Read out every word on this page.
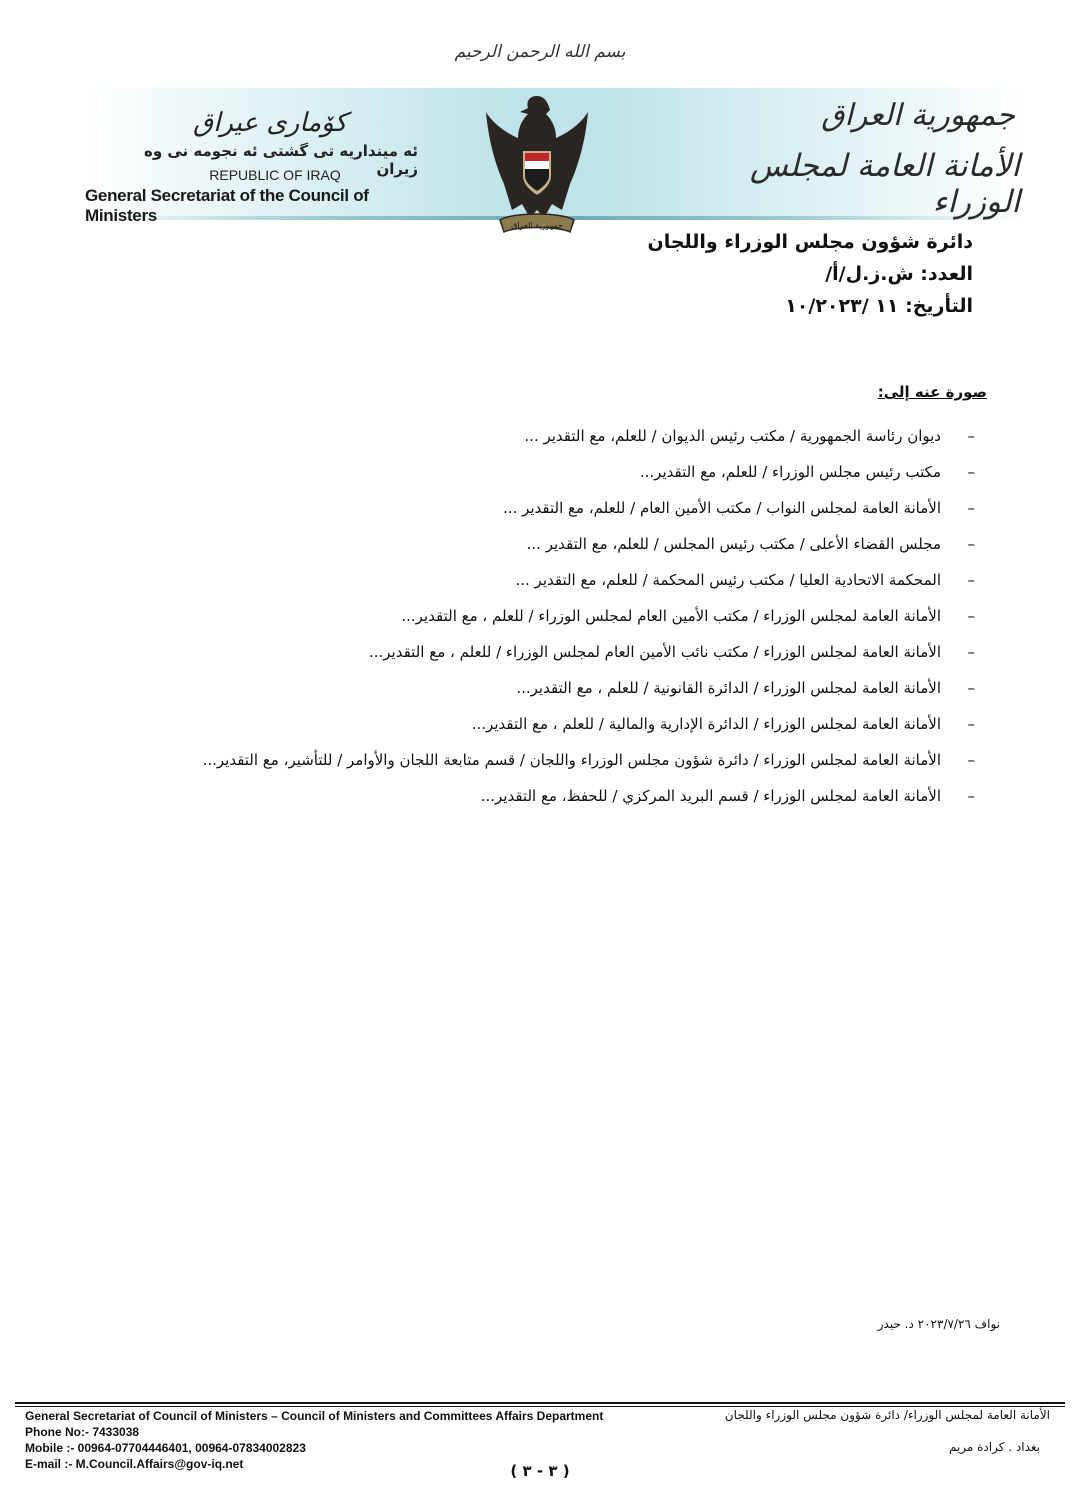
بسم الله الرحمن الرحيم
كۆماری عیراق
ئه مینداریه تی گشتی ئه نجومه نی وه زیران
REPUBLIC OF IRAQ
General Secretariat of the Council of Ministers
جمهورية العراق
الأمانة العامة لمجلس الوزراء
جمهورية العراق
دائرة شؤون مجلس الوزراء واللجان
العدد: ش.ز.ل/أ/
التأريخ: ١١ /١٠/٢٠٢٣
صورة عنه إلى:
–ديوان رئاسة الجمهورية / مكتب رئيس الديوان / للعلم، مع التقدير ...
–مكتب رئيس مجلس الوزراء / للعلم، مع التقدير...
–الأمانة العامة لمجلس النواب / مكتب الأمين العام / للعلم، مع التقدير ...
–مجلس القضاء الأعلى / مكتب رئيس المجلس / للعلم، مع التقدير ...
–المحكمة الاتحادية العليا / مكتب رئيس المحكمة / للعلم، مع التقدير ...
–الأمانة العامة لمجلس الوزراء / مكتب الأمين العام لمجلس الوزراء / للعلم ، مع التقدير...
–الأمانة العامة لمجلس الوزراء / مكتب نائب الأمين العام لمجلس الوزراء / للعلم ، مع التقدير...
–الأمانة العامة لمجلس الوزراء / الدائرة القانونية / للعلم ، مع التقدير...
–الأمانة العامة لمجلس الوزراء / الدائرة الإدارية والمالية / للعلم ، مع التقدير...
–الأمانة العامة لمجلس الوزراء / دائرة شؤون مجلس الوزراء واللجان / قسم متابعة اللجان والأوامر / للتأشير، مع التقدير...
–الأمانة العامة لمجلس الوزراء / قسم البريد المركزي / للحفظ، مع التقدير...
نواف ٢٠٢٣/٧/٢٦ د. حيدر
General Secretariat of Council of Ministers – Council of Ministers and Committees Affairs Department
Phone No:- 7433038
Mobile :- 00964-07704446401, 00964-07834002823
E-mail :- M.Council.Affairs@gov-iq.net
الأمانة العامة لمجلس الوزراء/ دائرة شؤون مجلس الوزراء واللجان
بغداد . كرادة مريم
( ٣ - ٣ )
